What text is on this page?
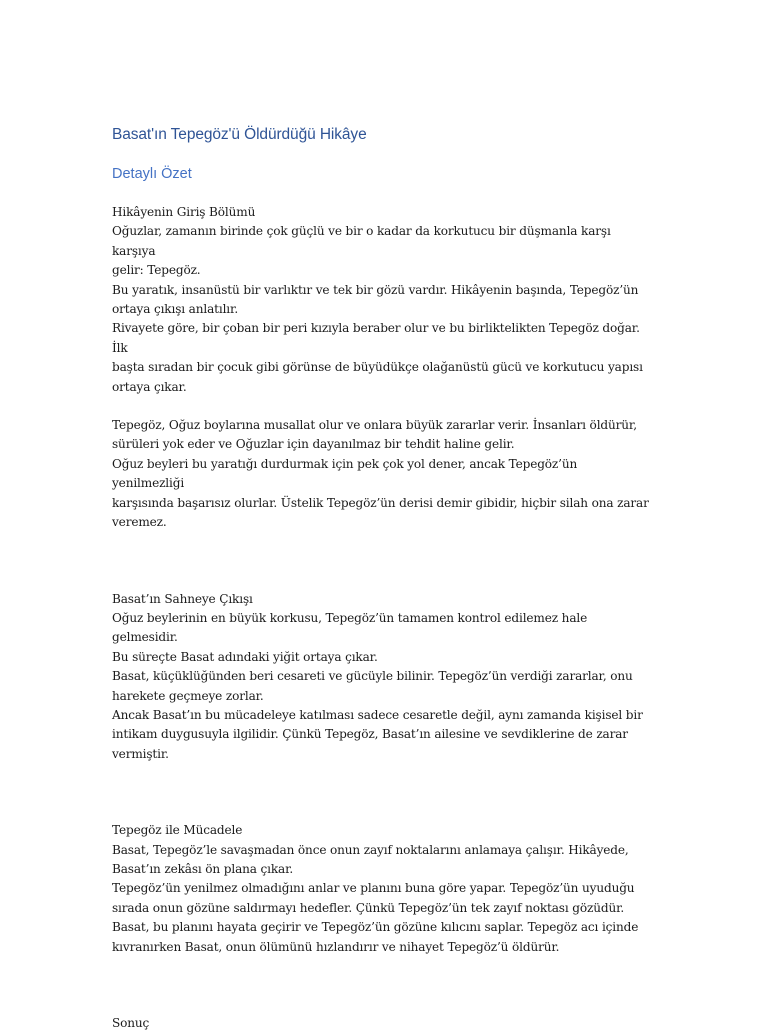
Basat'ın Tepegöz'ü Öldürdüğü Hikâye
Detaylı Özet

Hikâyenin Giriş Bölümü

Oğuzlar, zamanın birinde çok güçlü ve bir o kadar da korkutucu bir düşmanla karşı karşıya

gelir: Tepegöz.

Bu yaratık, insanüstü bir varlıktır ve tek bir gözü vardır. Hikâyenin başında, Tepegöz’ün

ortaya çıkışı anlatılır.

Rivayete göre, bir çoban bir peri kızıyla beraber olur ve bu birliktelikten Tepegöz doğar. İlk

başta sıradan bir çocuk gibi görünse de büyüdükçe olağanüstü gücü ve korkutucu yapısı

ortaya çıkar.

Tepegöz, Oğuz boylarına musallat olur ve onlara büyük zararlar verir. İnsanları öldürür,

sürüleri yok eder ve Oğuzlar için dayanılmaz bir tehdit haline gelir.

Oğuz beyleri bu yaratığı durdurmak için pek çok yol dener, ancak Tepegöz’ün yenilmezliği

karşısında başarısız olurlar. Üstelik Tepegöz’ün derisi demir gibidir, hiçbir silah ona zarar

veremez.

Basat’ın Sahneye Çıkışı

Oğuz beylerinin en büyük korkusu, Tepegöz’ün tamamen kontrol edilemez hale gelmesidir.

Bu süreçte Basat adındaki yiğit ortaya çıkar.

Basat, küçüklüğünden beri cesareti ve gücüyle bilinir. Tepegöz’ün verdiği zararlar, onu

harekete geçmeye zorlar.

Ancak Basat’ın bu mücadeleye katılması sadece cesaretle değil, aynı zamanda kişisel bir

intikam duygusuyla ilgilidir. Çünkü Tepegöz, Basat’ın ailesine ve sevdiklerine de zarar

vermiştir.

Tepegöz ile Mücadele

Basat, Tepegöz’le savaşmadan önce onun zayıf noktalarını anlamaya çalışır. Hikâyede,

Basat’ın zekâsı ön plana çıkar.

Tepegöz’ün yenilmez olmadığını anlar ve planını buna göre yapar. Tepegöz’ün uyuduğu

sırada onun gözüne saldırmayı hedefler. Çünkü Tepegöz’ün tek zayıf noktası gözüdür.

Basat, bu planını hayata geçirir ve Tepegöz’ün gözüne kılıcını saplar. Tepegöz acı içinde

kıvranırken Basat, onun ölümünü hızlandırır ve nihayet Tepegöz’ü öldürür.

Sonuç
